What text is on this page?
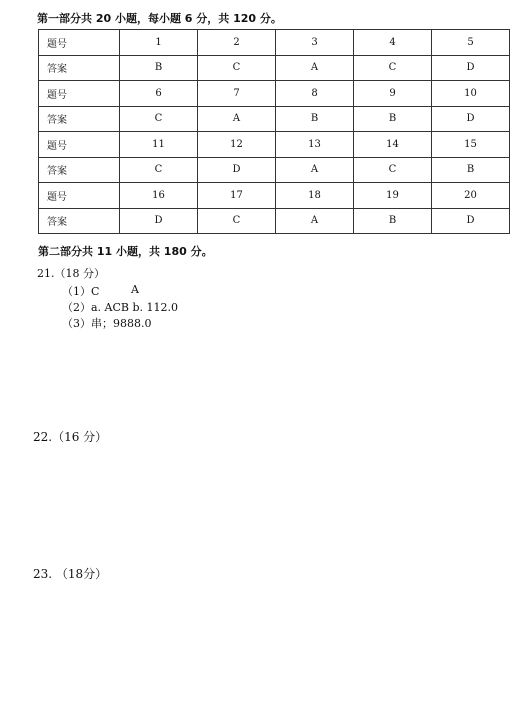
第一部分共 20 小题，每小题 6 分，共 120 分。
题号	1	2	3	4	5
答案	B	C	A	C	D
题号	6	7	8	9	10
答案	C	A	B	B	D
题号	11	12	13	14	15
答案	C	D	A	C	B
题号	16	17	18	19	20
答案	D	C	A	B	D
第二部分共 11 小题，共 180 分。
21.（18 分）
（1）C	A
（2）a. ACB b. 112.0
（3）串；9888.0
22.（16 分）
23. （18分）
